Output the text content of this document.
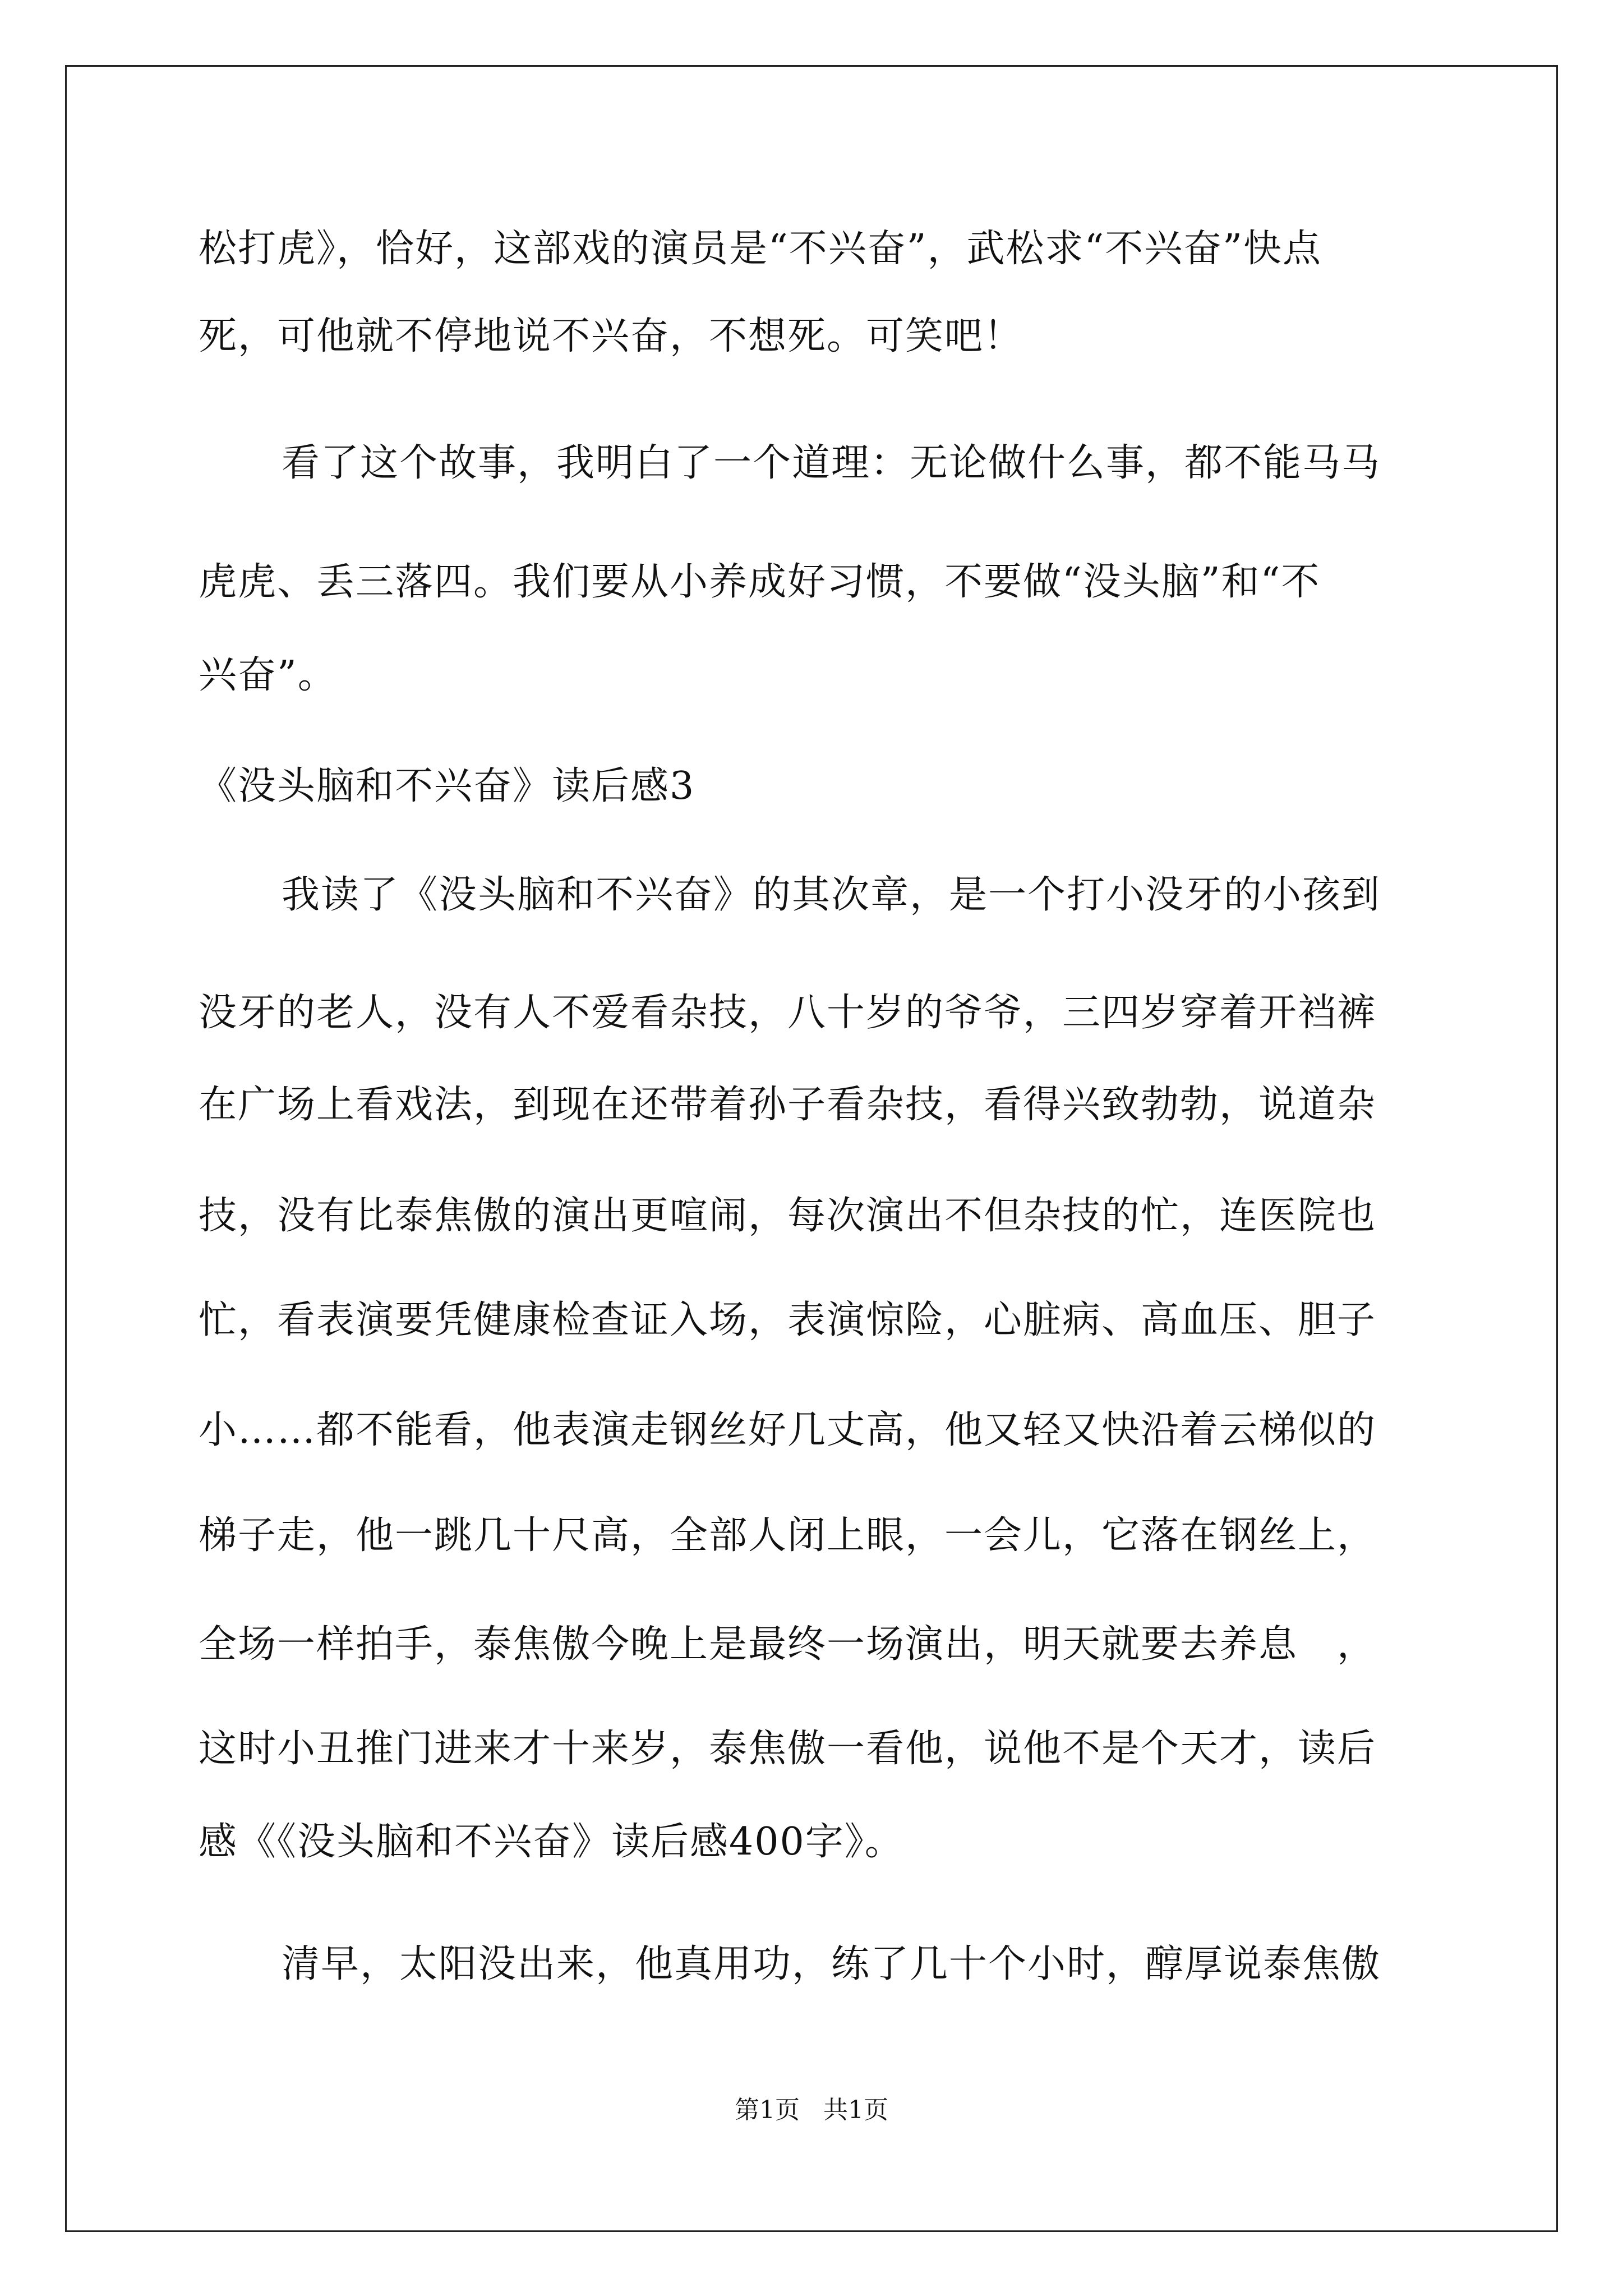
松打虎》，恰好，这部戏的演员是“不兴奋”，武松求“不兴奋”快点
死，可他就不停地说不兴奋，不想死。可笑吧！
看了这个故事，我明白了一个道理：无论做什么事，都不能马马
虎虎、丢三落四。我们要从小养成好习惯，不要做“没头脑”和“不
兴奋”。
《没头脑和不兴奋》读后感3
我读了《没头脑和不兴奋》的其次章，是一个打小没牙的小孩到
没牙的老人，没有人不爱看杂技，八十岁的爷爷，三四岁穿着开裆裤
在广场上看戏法，到现在还带着孙子看杂技，看得兴致勃勃，说道杂
技，没有比泰焦傲的演出更喧闹，每次演出不但杂技的忙，连医院也
忙，看表演要凭健康检查证入场，表演惊险，心脏病、高血压、胆子
小……都不能看，他表演走钢丝好几丈高，他又轻又快沿着云梯似的
梯子走，他一跳几十尺高，全部人闭上眼，一会儿，它落在钢丝上，
全场一样拍手，泰焦傲今晚上是最终一场演出，明天就要去养息　，
这时小丑推门进来才十来岁，泰焦傲一看他，说他不是个天才，读后
感《《没头脑和不兴奋》读后感400字》。
清早，太阳没出来，他真用功，练了几十个小时，醇厚说泰焦傲
第1页   共1页
